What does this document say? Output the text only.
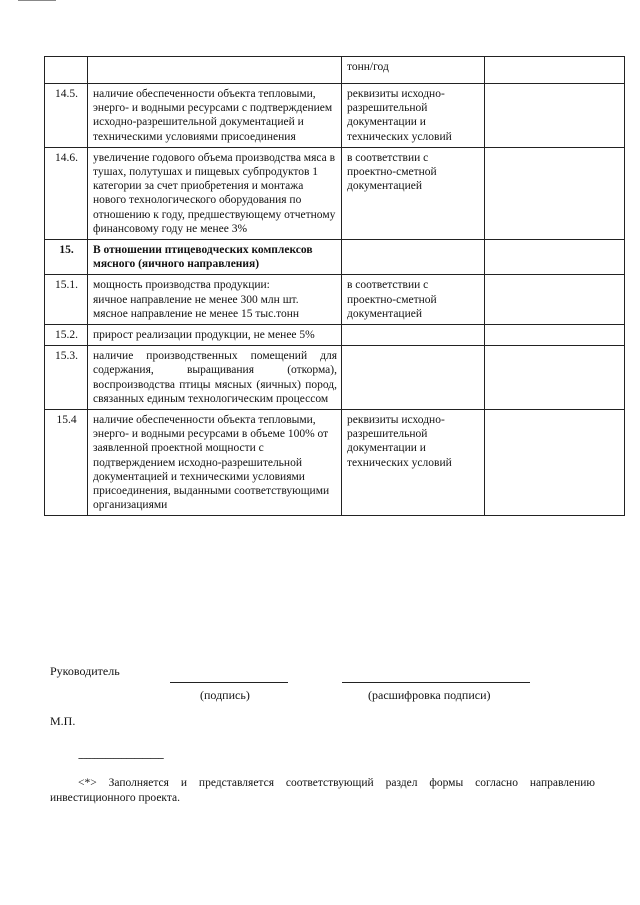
		тонн/год	
14.5.	наличие обеспеченности объекта тепловыми, энерго- и водными ресурсами с подтверждением исходно-разрешительной документацией и техническими условиями присоединения	реквизиты исходно-разрешительной документации и технических условий	
14.6.	увеличение годового объема производства мяса в тушах, полутушах и пищевых субпродуктов 1 категории за счет приобретения и монтажа нового технологического оборудования по отношению к году, предшествующему отчетному финансовому году не менее 3%	в соответствии с проектно-сметной документацией	
15.	В отношении птицеводческих комплексов мясного (яичного направления)		
15.1.	мощность производства продукции:
яичное направление не менее 300 млн шт.
мясное направление не менее 15 тыс.тонн	в соответствии с проектно-сметной документацией	
15.2.	прирост реализации продукции, не менее 5%		
15.3.	наличие производственных помещений для содержания, выращивания (откорма), воспроизводства птицы мясных (яичных) пород, связанных единым технологическим процессом		
15.4	наличие обеспеченности объекта тепловыми, энерго- и водными ресурсами в объеме 100% от заявленной проектной мощности с подтверждением исходно-разрешительной документацией и техническими условиями присоединения, выданными соответствующими организациями	реквизиты исходно-разрешительной документации и технических условий	
Руководитель
(подпись)	(расшифровка подписи)
М.П.
--------------------------------
<*> Заполняется и представляется соответствующий раздел формы согласно направлению инвестиционного проекта.
